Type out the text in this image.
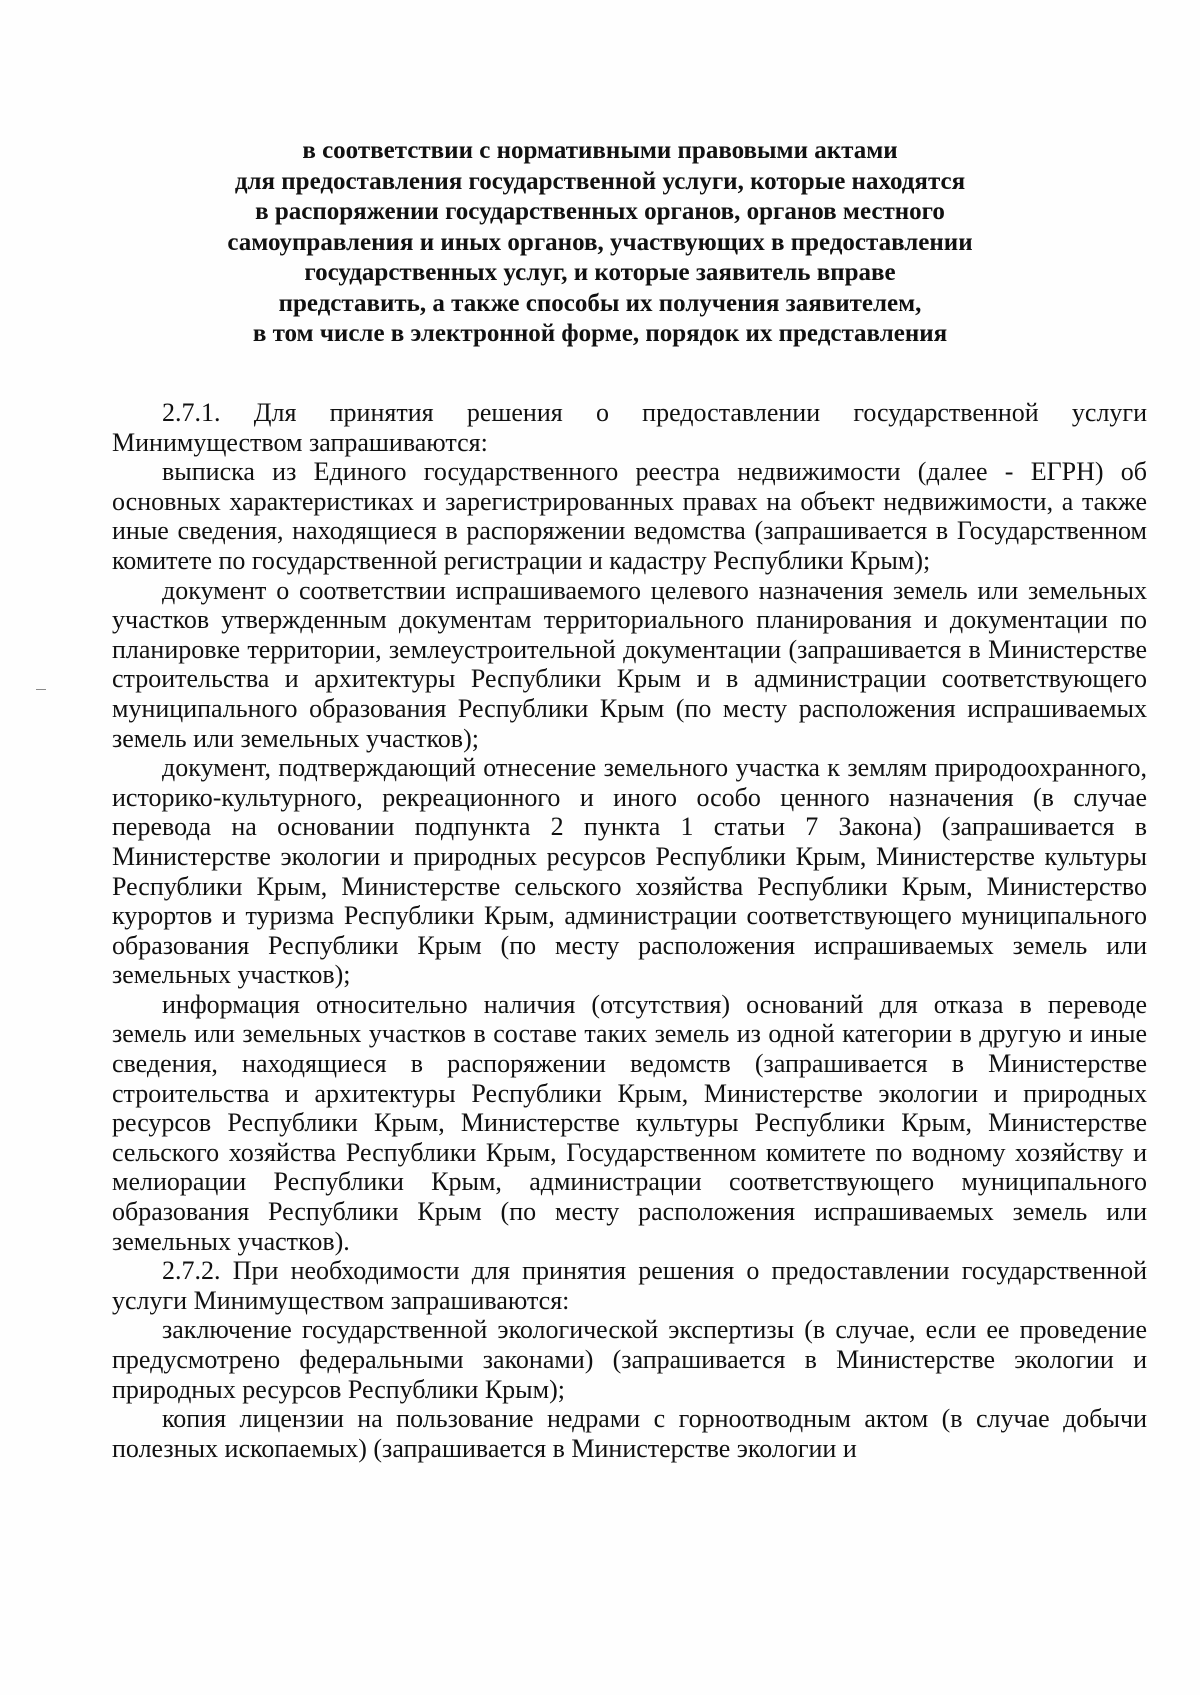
в соответствии с нормативными правовыми актами
для предоставления государственной услуги, которые находятся
в распоряжении государственных органов, органов местного
самоуправления и иных органов, участвующих в предоставлении
государственных услуг, и которые заявитель вправе
представить, а также способы их получения заявителем,
в том числе в электронной форме, порядок их представления

2.7.1. Для принятия решения о предоставлении государственной услуги Минимуществом запрашиваются:

выписка из Единого государственного реестра недвижимости (далее - ЕГРН) об основных характеристиках и зарегистрированных правах на объект недвижимости, а также иные сведения, находящиеся в распоряжении ведомства (запрашивается в Государственном комитете по государственной регистрации и кадастру Республики Крым);

документ о соответствии испрашиваемого целевого назначения земель или земельных участков утвержденным документам территориального планирования и документации по планировке территории, землеустроительной документации (запрашивается в Министерстве строительства и архитектуры Республики Крым и в администрации соответствующего муниципального образования Республики Крым (по месту расположения испрашиваемых земель или земельных участков);

документ, подтверждающий отнесение земельного участка к землям природоохранного, историко-культурного, рекреационного и иного особо ценного назначения (в случае перевода на основании подпункта 2 пункта 1 статьи 7 Закона) (запрашивается в Министерстве экологии и природных ресурсов Республики Крым, Министерстве культуры Республики Крым, Министерстве сельского хозяйства Республики Крым, Министерство курортов и туризма Республики Крым, администрации соответствующего муниципального образования Республики Крым (по месту расположения испрашиваемых земель или земельных участков);

информация относительно наличия (отсутствия) оснований для отказа в переводе земель или земельных участков в составе таких земель из одной категории в другую и иные сведения, находящиеся в распоряжении ведомств (запрашивается в Министерстве строительства и архитектуры Республики Крым, Министерстве экологии и природных ресурсов Республики Крым, Министерстве культуры Республики Крым, Министерстве сельского хозяйства Республики Крым, Государственном комитете по водному хозяйству и мелиорации Республики Крым, администрации соответствующего муниципального образования Республики Крым (по месту расположения испрашиваемых земель или земельных участков).

2.7.2. При необходимости для принятия решения о предоставлении государственной услуги Минимуществом запрашиваются:

заключение государственной экологической экспертизы (в случае, если ее проведение предусмотрено федеральными законами) (запрашивается в Министерстве экологии и природных ресурсов Республики Крым);

копия лицензии на пользование недрами с горноотводным актом (в случае добычи полезных ископаемых) (запрашивается в Министерстве экологии и
